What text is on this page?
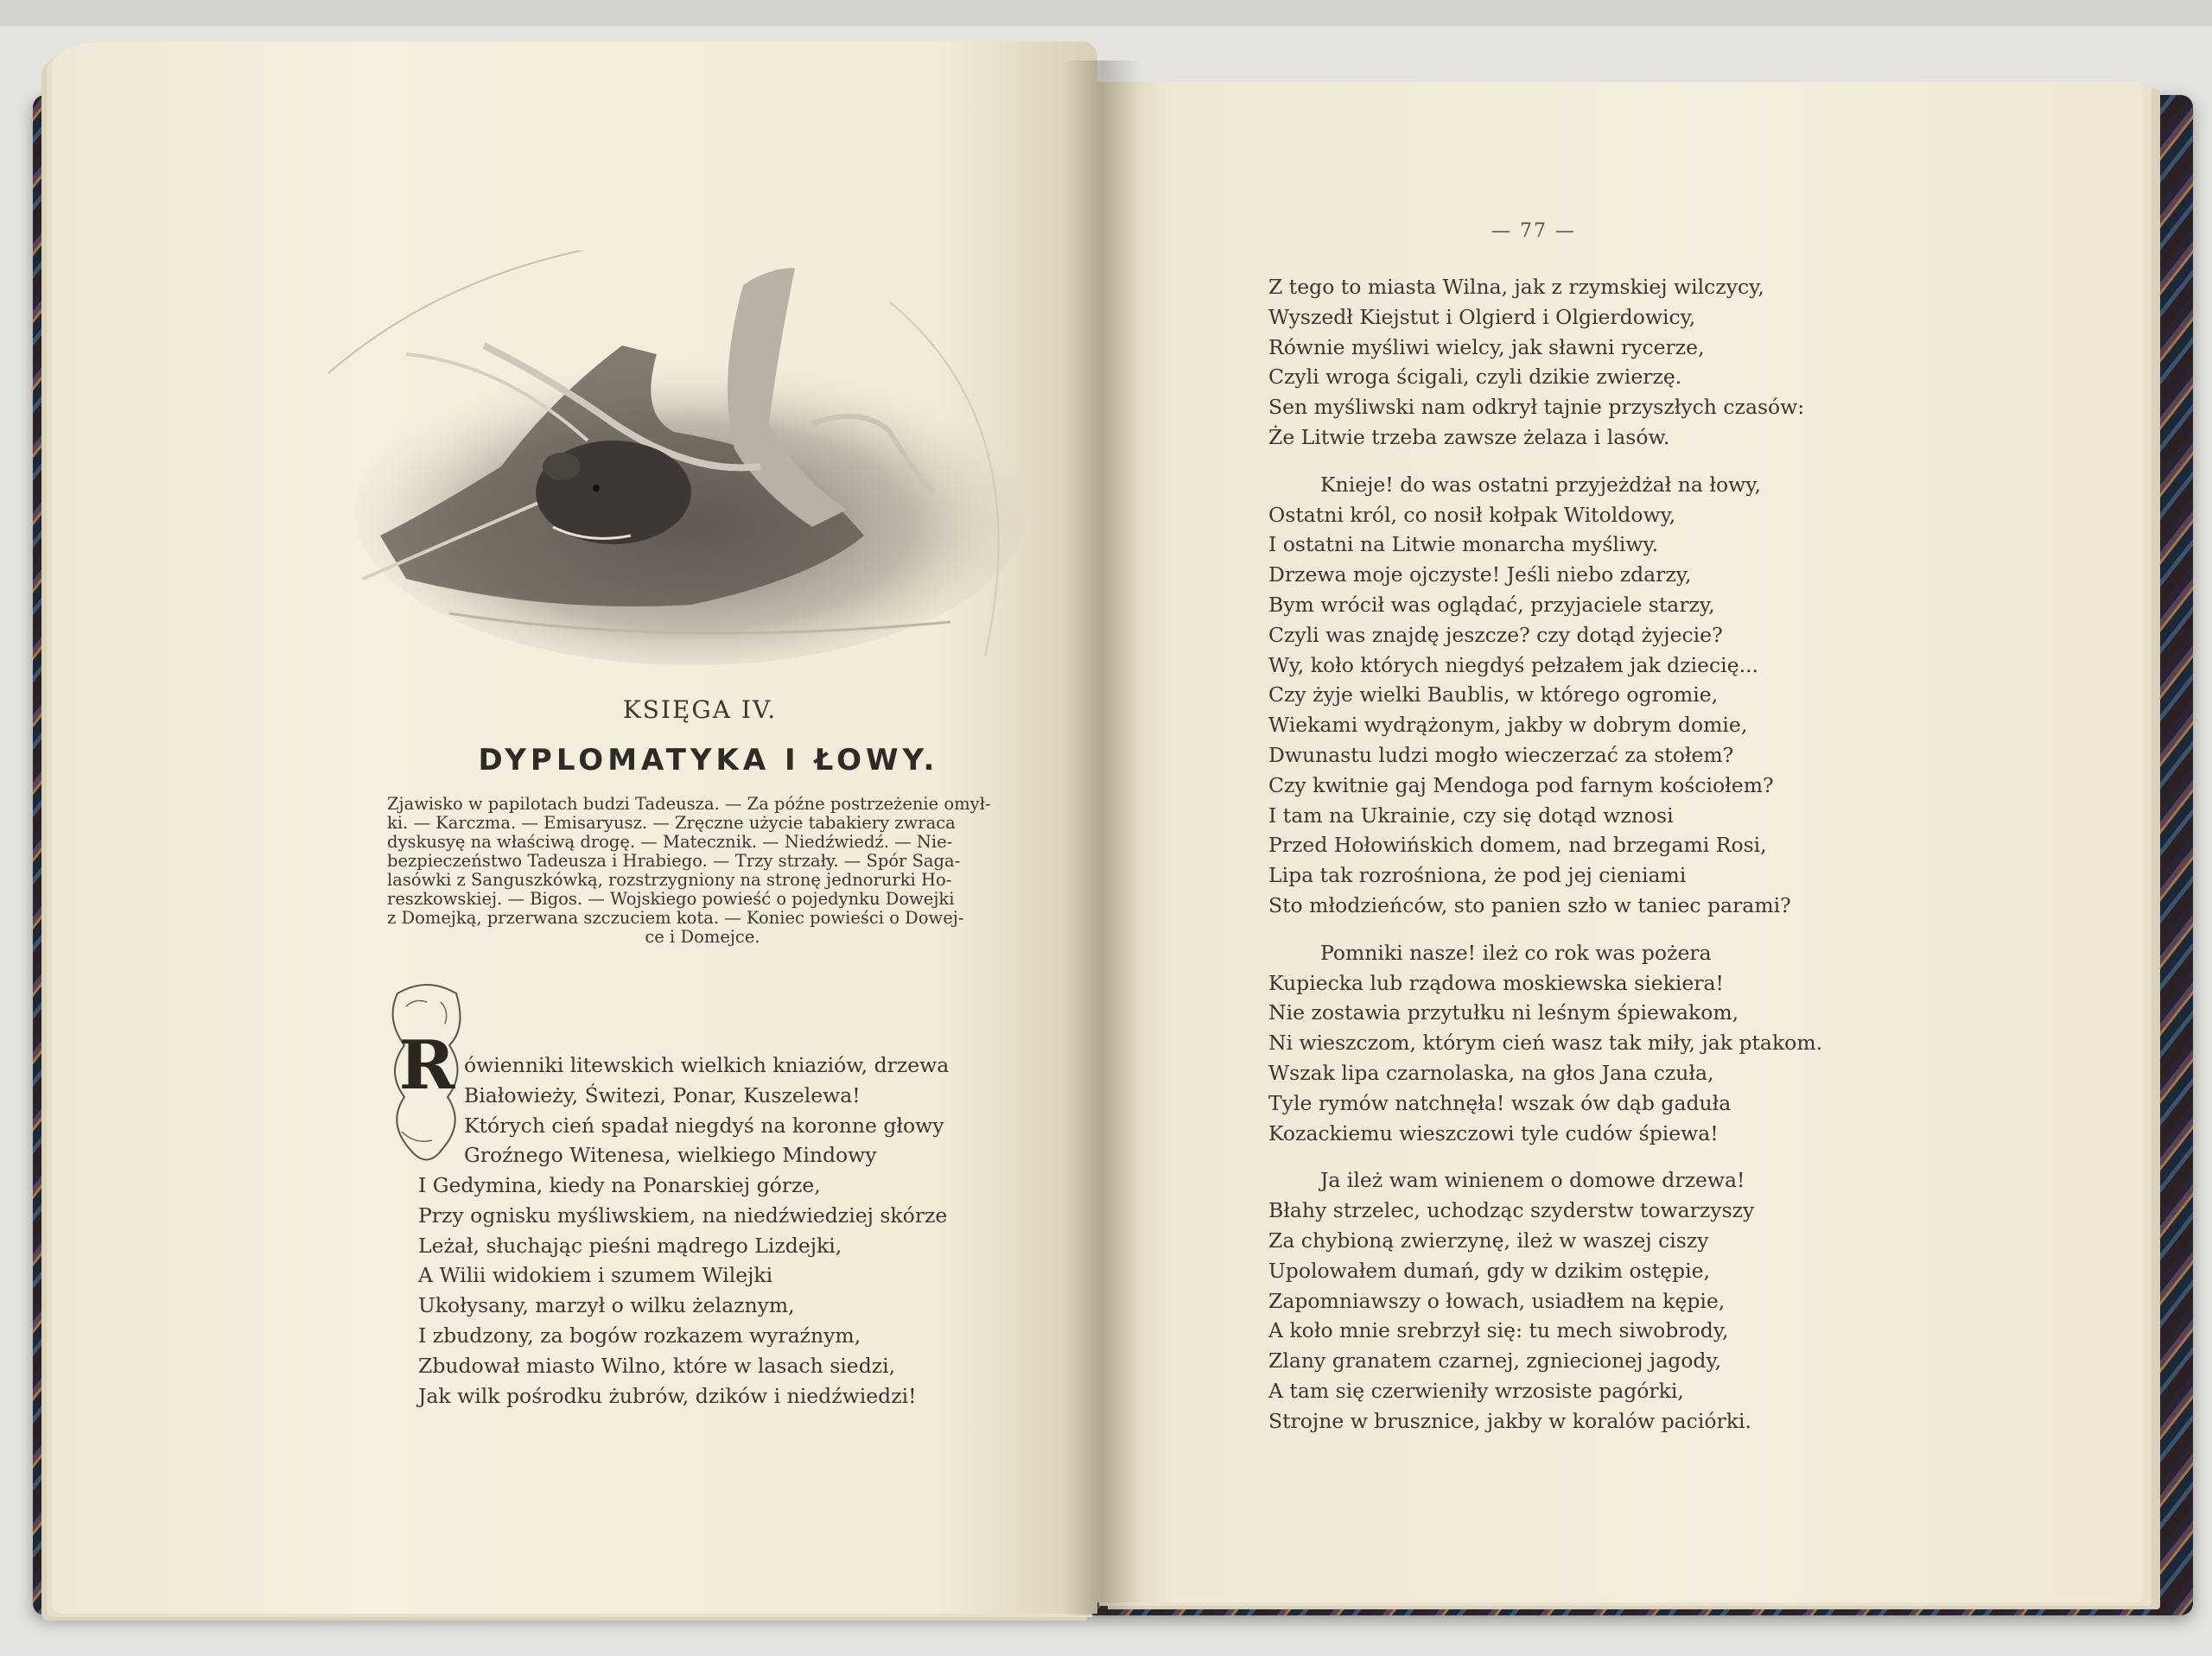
KSIĘGA IV.
DYPLOMATYKA I ŁOWY.
Zjawisko w papilotach budzi Tadeusza. — Za późne postrzeżenie omył-
ki. — Karczma. — Emisaryusz. — Zręczne użycie tabakiery zwraca
dyskusyę na właściwą drogę. — Matecznik. — Niedźwiedź. — Nie-
bezpieczeństwo Tadeusza i Hrabiego. — Trzy strzały. — Spór Saga-
lasówki z Sanguszkówką, rozstrzygniony na stronę jednorurki Ho-
reszkowskiej. — Bigos. — Wojskiego powieść o pojedynku Dowejki
z Domejką, przerwana szczuciem kota. — Koniec powieści o Dowej-
ce i Domejce.
R ówienniki litewskich wielkich kniaziów, drzewa
Białowieży, Świtezi, Ponar, Kuszelewa!
Których cień spadał niegdyś na koronne głowy
Groźnego Witenesa, wielkiego Mindowy
I Gedymina, kiedy na Ponarskiej górze,
Przy ognisku myśliwskiem, na niedźwiedziej skórze
Leżał, słuchając pieśni mądrego Lizdejki,
A Wilii widokiem i szumem Wilejki
Ukołysany, marzył o wilku żelaznym,
I zbudzony, za bogów rozkazem wyraźnym,
Zbudował miasto Wilno, które w lasach siedzi,
Jak wilk pośrodku żubrów, dzików i niedźwiedzi!
— 77 —
Z tego to miasta Wilna, jak z rzymskiej wilczycy,
Wyszedł Kiejstut i Olgierd i Olgierdowicy,
Równie myśliwi wielcy, jak sławni rycerze,
Czyli wroga ścigali, czyli dzikie zwierzę.
Sen myśliwski nam odkrył tajnie przyszłych czasów:
Że Litwie trzeba zawsze żelaza i lasów.
Knieje! do was ostatni przyjeżdżał na łowy,
Ostatni król, co nosił kołpak Witoldowy,
I ostatni na Litwie monarcha myśliwy.
Drzewa moje ojczyste! Jeśli niebo zdarzy,
Bym wrócił was oglądać, przyjaciele starzy,
Czyli was znajdę jeszcze? czy dotąd żyjecie?
Wy, koło których niegdyś pełzałem jak dziecię...
Czy żyje wielki Baublis, w którego ogromie,
Wiekami wydrążonym, jakby w dobrym domie,
Dwunastu ludzi mogło wieczerzać za stołem?
Czy kwitnie gaj Mendoga pod farnym kościołem?
I tam na Ukrainie, czy się dotąd wznosi
Przed Hołowińskich domem, nad brzegami Rosi,
Lipa tak rozrośniona, że pod jej cieniami
Sto młodzieńców, sto panien szło w taniec parami?
Pomniki nasze! ileż co rok was pożera
Kupiecka lub rządowa moskiewska siekiera!
Nie zostawia przytułku ni leśnym śpiewakom,
Ni wieszczom, którym cień wasz tak miły, jak ptakom.
Wszak lipa czarnolaska, na głos Jana czuła,
Tyle rymów natchnęła! wszak ów dąb gaduła
Kozackiemu wieszczowi tyle cudów śpiewa!
Ja ileż wam winienem o domowe drzewa!
Błahy strzelec, uchodząc szyderstw towarzyszy
Za chybioną zwierzynę, ileż w waszej ciszy
Upolowałem dumań, gdy w dzikim ostępie,
Zapomniawszy o łowach, usiadłem na kępie,
A koło mnie srebrzył się: tu mech siwobrody,
Zlany granatem czarnej, zgniecionej jagody,
A tam się czerwieniły wrzosiste pagórki,
Strojne w brusznice, jakby w koralów paciórki.
